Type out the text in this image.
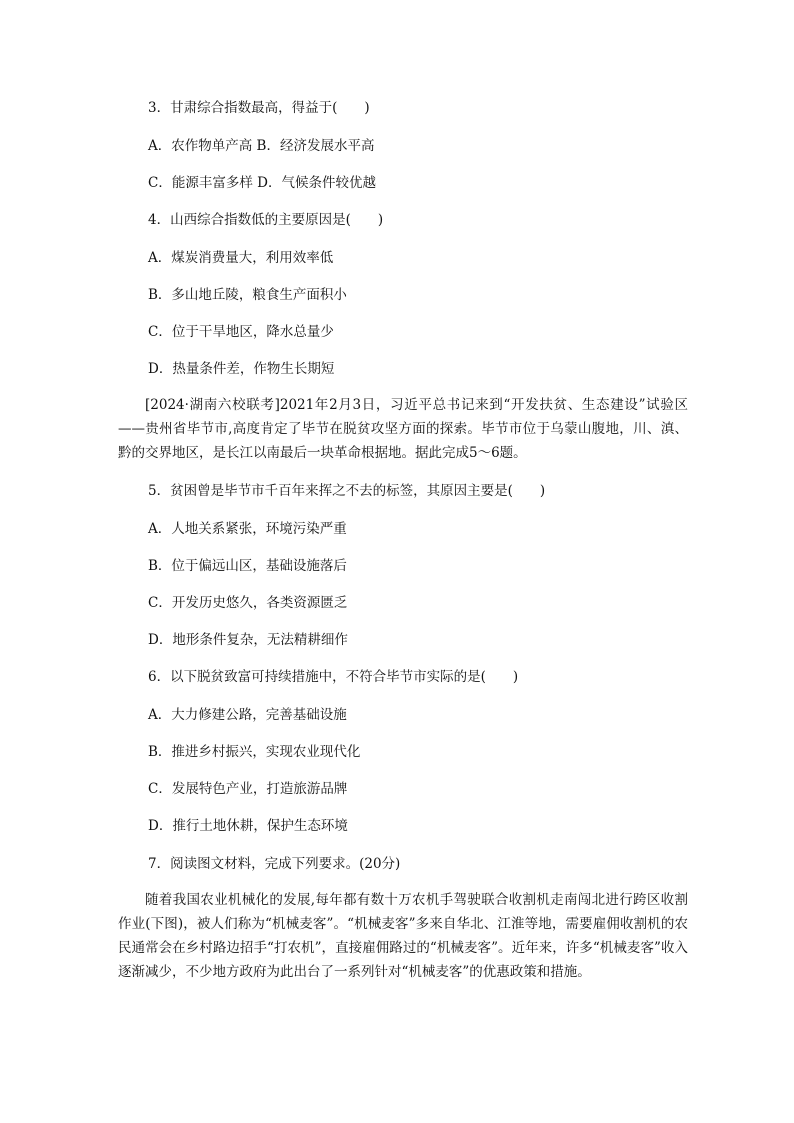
3．甘肃综合指数最高，得益于(　　)
A．农作物单产高 B．经济发展水平高
C．能源丰富多样 D．气候条件较优越
4．山西综合指数低的主要原因是(　　)
A．煤炭消费量大，利用效率低
B．多山地丘陵，粮食生产面积小
C．位于干旱地区，降水总量少
D．热量条件差，作物生长期短
[2024·湖南六校联考]2021年2月3日，习近平总书记来到“开发扶贫、生态建设”试验区——贵州省毕节市,高度肯定了毕节在脱贫攻坚方面的探索。毕节市位于乌蒙山腹地，川、滇、黔的交界地区，是长江以南最后一块革命根据地。据此完成5～6题。
5．贫困曾是毕节市千百年来挥之不去的标签，其原因主要是(　　)
A．人地关系紧张，环境污染严重
B．位于偏远山区，基础设施落后
C．开发历史悠久，各类资源匮乏
D．地形条件复杂，无法精耕细作
6．以下脱贫致富可持续措施中，不符合毕节市实际的是(　　)
A．大力修建公路，完善基础设施
B．推进乡村振兴，实现农业现代化
C．发展特色产业，打造旅游品牌
D．推行土地休耕，保护生态环境
7．阅读图文材料，完成下列要求。(20分)
随着我国农业机械化的发展,每年都有数十万农机手驾驶联合收割机走南闯北进行跨区收割作业(下图)，被人们称为“机械麦客”。“机械麦客”多来自华北、江淮等地，需要雇佣收割机的农民通常会在乡村路边招手“打农机”，直接雇佣路过的“机械麦客”。近年来，许多“机械麦客”收入逐渐减少，不少地方政府为此出台了一系列针对“机械麦客”的优惠政策和措施。
